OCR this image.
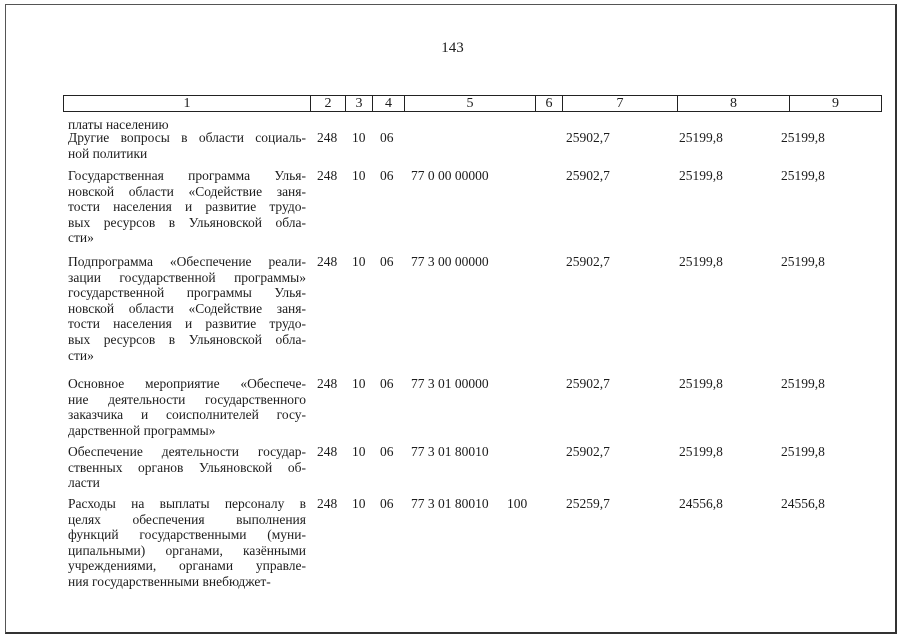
143
1	2	3	4	5	6	7	8	9
платы населению
Другие вопросы в области социаль-
ной политики
248 10 06	25902,7	25199,8	25199,8
Государственная программа Улья-
новской области «Содействие заня-
тости населения и развитие трудо-
вых ресурсов в Ульяновской обла-
сти»
248 10 06 77 0 00 00000	25902,7	25199,8	25199,8
Подпрограмма «Обеспечение реали-
зации государственной программы»
государственной программы Улья-
новской области «Содействие заня-
тости населения и развитие трудо-
вых ресурсов в Ульяновской обла-
сти»
248 10 06 77 3 00 00000	25902,7	25199,8	25199,8
Основное мероприятие «Обеспече-
ние деятельности государственного
заказчика и соисполнителей госу-
дарственной программы»
248 10 06 77 3 01 00000	25902,7	25199,8	25199,8
Обеспечение деятельности государ-
ственных органов Ульяновской об-
ласти
248 10 06 77 3 01 80010	25902,7	25199,8	25199,8
Расходы на выплаты персоналу в
целях обеспечения выполнения
функций государственными (муни-
ципальными) органами, казёнными
учреждениями, органами управле-
ния государственными внебюджет-
248 10 06 77 3 01 80010 100	25259,7	24556,8	24556,8
